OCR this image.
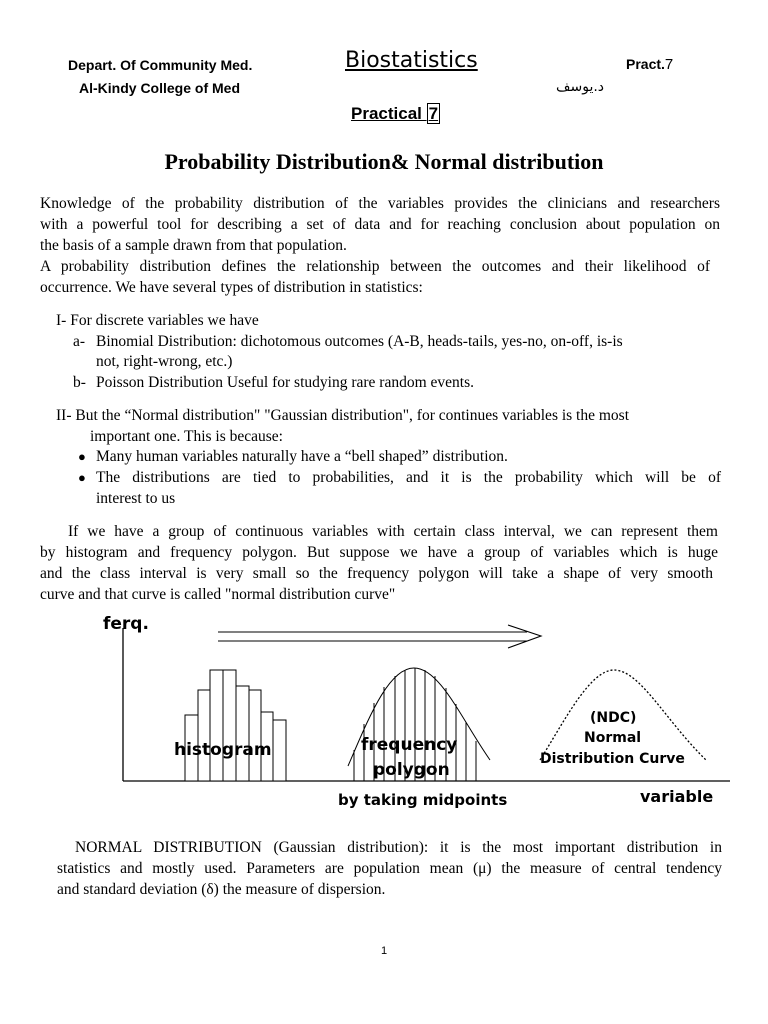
Depart. Of Community Med.
Al-Kindy College of Med
Biostatistics	Pract.7
د.يوسف
Practical 7
Probability Distribution& Normal distribution
Knowledge of the probability distribution of the variables provides the clinicians and researchers
with a powerful tool for describing a set of data and for reaching conclusion about population on
the basis of a sample drawn from that population.
A probability distribution defines the relationship between the outcomes and their likelihood of
occurrence. We have several types of distribution in statistics:
I- For discrete variables we have
a- Binomial Distribution: dichotomous outcomes (A-B, heads-tails, yes-no, on-off, is-is
not, right-wrong, etc.)
b- Poisson Distribution Useful for studying rare random events.
II- But the “Normal distribution" "Gaussian distribution", for continues variables is the most
important one. This is because:
● Many human variables naturally have a “bell shaped” distribution.
● The distributions are tied to probabilities, and it is the probability which will be of
interest to us
If we have a group of continuous variables with certain class interval, we can represent them
by histogram and frequency polygon. But suppose we have a group of variables which is huge
and the class interval is very small so the frequency polygon will take a shape of very smooth
curve and that curve is called "normal distribution curve"
ferq.
variable
histogram	frequency
polygon
by taking midpoints
(NDC)
Normal
Distribution Curve
NORMAL DISTRIBUTION (Gaussian distribution): it is the most important distribution in
statistics and mostly used. Parameters are population mean (μ) the measure of central tendency
and standard deviation (δ) the measure of dispersion.
1
